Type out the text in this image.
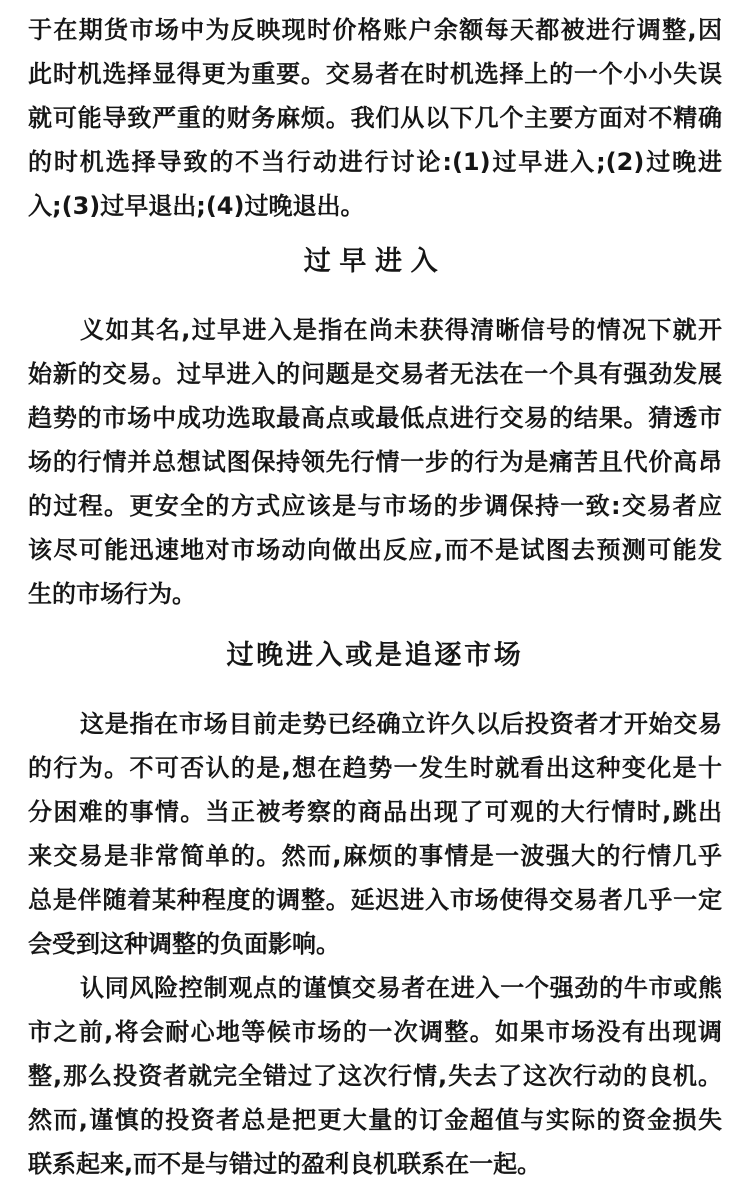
于在期货市场中为反映现时价格账户余额每天都被进行调整,因
此时机选择显得更为重要。交易者在时机选择上的一个小小失误
就可能导致严重的财务麻烦。我们从以下几个主要方面对不精确
的时机选择导致的不当行动进行讨论:(1)过早进入;(2)过晚进
入;(3)过早退出;(4)过晚退出。
过早进入
义如其名,过早进入是指在尚未获得清晰信号的情况下就开
始新的交易。过早进入的问题是交易者无法在一个具有强劲发展
趋势的市场中成功选取最高点或最低点进行交易的结果。猜透市
场的行情并总想试图保持领先行情一步的行为是痛苦且代价高昂
的过程。更安全的方式应该是与市场的步调保持一致:交易者应
该尽可能迅速地对市场动向做出反应,而不是试图去预测可能发
生的市场行为。
过晚进入或是追逐市场
这是指在市场目前走势已经确立许久以后投资者才开始交易
的行为。不可否认的是,想在趋势一发生时就看出这种变化是十
分困难的事情。当正被考察的商品出现了可观的大行情时,跳出
来交易是非常简单的。然而,麻烦的事情是一波强大的行情几乎
总是伴随着某种程度的调整。延迟进入市场使得交易者几乎一定
会受到这种调整的负面影响。
认同风险控制观点的谨慎交易者在进入一个强劲的牛市或熊
市之前,将会耐心地等候市场的一次调整。如果市场没有出现调
整,那么投资者就完全错过了这次行情,失去了这次行动的良机。
然而,谨慎的投资者总是把更大量的订金超值与实际的资金损失
联系起来,而不是与错过的盈利良机联系在一起。
